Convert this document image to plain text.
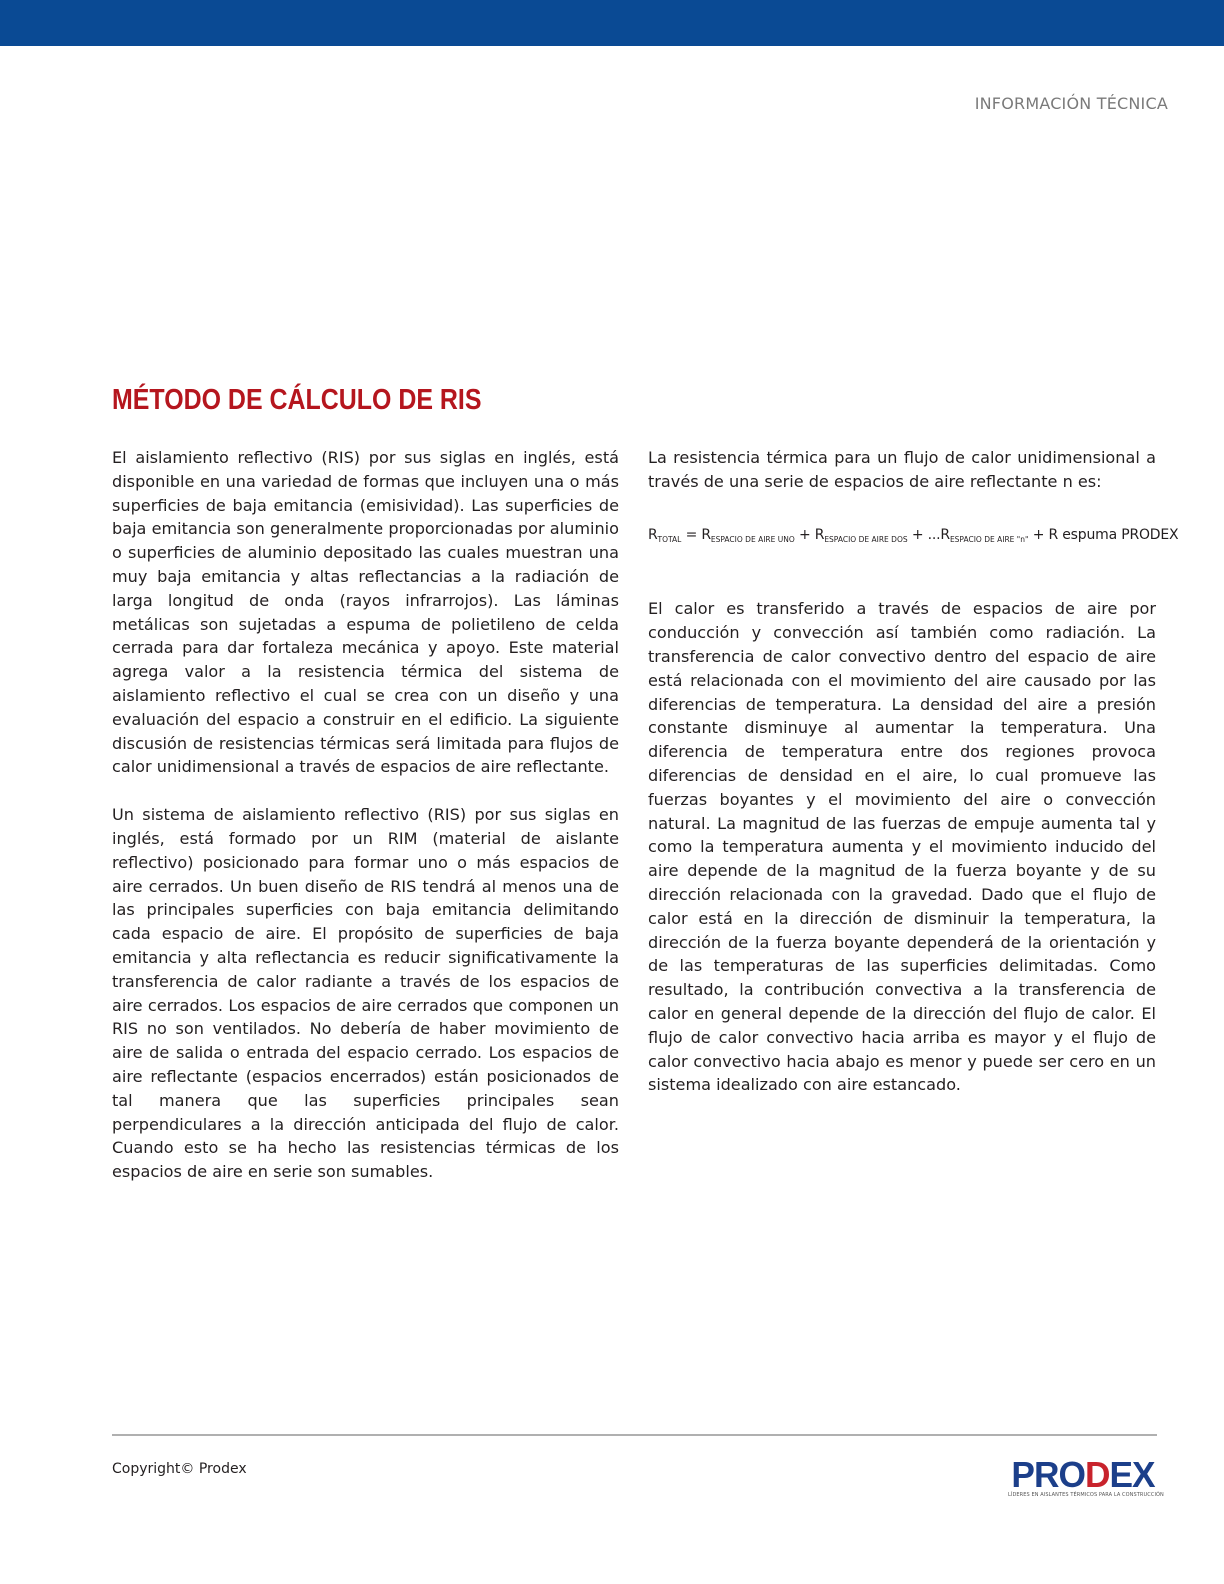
INFORMACIÓN TÉCNICA
MÉTODO DE CÁLCULO DE RIS

El aislamiento reflectivo (RIS) por sus siglas en inglés, está disponible en una variedad de formas que incluyen una o más superficies de baja emitancia (emisividad). Las superficies de baja emitancia son generalmente proporcionadas por aluminio o superficies de aluminio depositado las cuales muestran una muy baja emitancia y altas reflectancias a la radiación de larga longitud de onda (rayos infrarrojos). Las láminas metálicas son sujetadas a espuma de polietileno de celda cerrada para dar fortaleza mecánica y apoyo. Este material agrega valor a la resistencia térmica del sistema de aislamiento reflectivo el cual se crea con un diseño y una evaluación del espacio a construir en el edificio. La siguiente discusión de resistencias térmicas será limitada para flujos de calor unidimensional a través de espacios de aire reflectante.

Un sistema de aislamiento reflectivo (RIS) por sus siglas en inglés, está formado por un RIM (material de aislante reflectivo) posicionado para formar uno o más espacios de aire cerrados. Un buen diseño de RIS tendrá al menos una de las principales superficies con baja emitancia delimitando cada espacio de aire. El propósito de superficies de baja emitancia y alta reflectancia es reducir significativamente la transferencia de calor radiante a través de los espacios de aire cerrados. Los espacios de aire cerrados que componen un RIS no son ventilados. No debería de haber movimiento de aire de salida o entrada del espacio cerrado. Los espacios de aire reflectante (espacios encerrados) están posicionados de tal manera que las superficies principales sean perpendiculares a la dirección anticipada del flujo de calor. Cuando esto se ha hecho las resistencias térmicas de los espacios de aire en serie son sumables.

La resistencia térmica para un flujo de calor unidimensional a través de una serie de espacios de aire reflectante n es:

$R_{TOTAL} = R_{ESPACIO DE AIRE UNO} + R_{ESPACIO DE AIRE DOS} + ...R_{ESPACIO DE AIRE "n"} + R$ espuma PRODEX

El calor es transferido a través de espacios de aire por conducción y convección así también como radiación. La transferencia de calor convectivo dentro del espacio de aire está relacionada con el movimiento del aire causado por las diferencias de temperatura. La densidad del aire a presión constante disminuye al aumentar la temperatura. Una diferencia de temperatura entre dos regiones provoca diferencias de densidad en el aire, lo cual promueve las fuerzas boyantes y el movimiento del aire o convección natural. La magnitud de las fuerzas de empuje aumenta tal y como la temperatura aumenta y el movimiento inducido del aire depende de la magnitud de la fuerza boyante y de su dirección relacionada con la gravedad. Dado que el flujo de calor está en la dirección de disminuir la temperatura, la dirección de la fuerza boyante dependerá de la orientación y de las temperaturas de las superficies delimitadas. Como resultado, la contribución convectiva a la transferencia de calor en general depende de la dirección del flujo de calor. El flujo de calor convectivo hacia arriba es mayor y el flujo de calor convectivo hacia abajo es menor y puede ser cero en un sistema idealizado con aire estancado.

Copyright© Prodex	PRODEX
LÍDERES EN AISLANTES TÉRMICOS PARA LA CONSTRUCCIÓN
